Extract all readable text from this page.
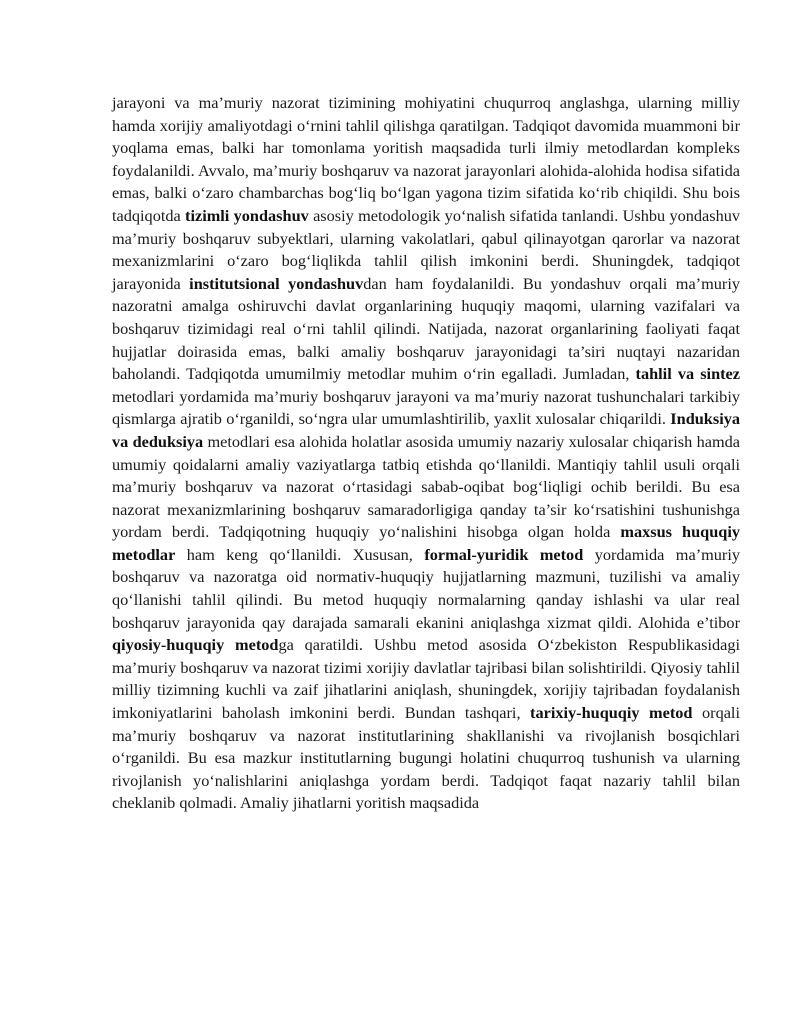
jarayoni va ma’muriy nazorat tizimining mohiyatini chuqurroq anglashga, ularning milliy hamda xorijiy amaliyotdagi o‘rnini tahlil qilishga qaratilgan. Tadqiqot davomida muammoni bir yoqlama emas, balki har tomonlama yoritish maqsadida turli ilmiy metodlardan kompleks foydalanildi. Avvalo, ma’muriy boshqaruv va nazorat jarayonlari alohida-alohida hodisa sifatida emas, balki o‘zaro chambarchas bog‘liq bo‘lgan yagona tizim sifatida ko‘rib chiqildi. Shu bois tadqiqotda tizimli yondashuv asosiy metodologik yo‘nalish sifatida tanlandi. Ushbu yondashuv ma’muriy boshqaruv subyektlari, ularning vakolatlari, qabul qilinayotgan qarorlar va nazorat mexanizmlarini o‘zaro bog‘liqlikda tahlil qilish imkonini berdi. Shuningdek, tadqiqot jarayonida institutsional yondashuvdan ham foydalanildi. Bu yondashuv orqali ma’muriy nazoratni amalga oshiruvchi davlat organlarining huquqiy maqomi, ularning vazifalari va boshqaruv tizimidagi real o‘rni tahlil qilindi. Natijada, nazorat organlarining faoliyati faqat hujjatlar doirasida emas, balki amaliy boshqaruv jarayonidagi ta’siri nuqtayi nazaridan baholandi. Tadqiqotda umumilmiy metodlar muhim o‘rin egalladi. Jumladan, tahlil va sintez metodlari yordamida ma’muriy boshqaruv jarayoni va ma’muriy nazorat tushunchalari tarkibiy qismlarga ajratib o‘rganildi, so‘ngra ular umumlashtirilib, yaxlit xulosalar chiqarildi. Induksiya va deduksiya metodlari esa alohida holatlar asosida umumiy nazariy xulosalar chiqarish hamda umumiy qoidalarni amaliy vaziyatlarga tatbiq etishda qo‘llanildi. Mantiqiy tahlil usuli orqali ma’muriy boshqaruv va nazorat o‘rtasidagi sabab-oqibat bog‘liqligi ochib berildi. Bu esa nazorat mexanizmlarining boshqaruv samaradorligiga qanday ta’sir ko‘rsatishini tushunishga yordam berdi. Tadqiqotning huquqiy yo‘nalishini hisobga olgan holda maxsus huquqiy metodlar ham keng qo‘llanildi. Xususan, formal-yuridik metod yordamida ma’muriy boshqaruv va nazoratga oid normativ-huquqiy hujjatlarning mazmuni, tuzilishi va amaliy qo‘llanishi tahlil qilindi. Bu metod huquqiy normalarning qanday ishlashi va ular real boshqaruv jarayonida qay darajada samarali ekanini aniqlashga xizmat qildi. Alohida e’tibor qiyosiy-huquqiy metodga qaratildi. Ushbu metod asosida O‘zbekiston Respublikasidagi ma’muriy boshqaruv va nazorat tizimi xorijiy davlatlar tajribasi bilan solishtirildi. Qiyosiy tahlil milliy tizimning kuchli va zaif jihatlarini aniqlash, shuningdek, xorijiy tajribadan foydalanish imkoniyatlarini baholash imkonini berdi. Bundan tashqari, tarixiy-huquqiy metod orqali ma’muriy boshqaruv va nazorat institutlarining shakllanishi va rivojlanish bosqichlari o‘rganildi. Bu esa mazkur institutlarning bugungi holatini chuqurroq tushunish va ularning rivojlanish yo‘nalishlarini aniqlashga yordam berdi. Tadqiqot faqat nazariy tahlil bilan cheklanib qolmadi. Amaliy jihatlarni yoritish maqsadida
